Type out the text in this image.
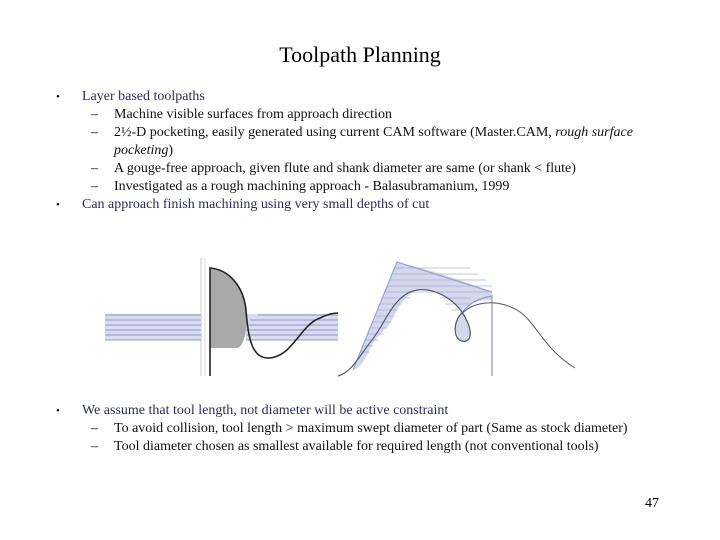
Toolpath Planning
• Layer based toolpaths
– Machine visible surfaces from approach direction
– 2½-D pocketing, easily generated using current CAM software (Master.CAM, rough surface pocketing)
– A gouge-free approach, given flute and shank diameter are same (or shank < flute)
– Investigated as a rough machining approach - Balasubramanium, 1999
• Can approach finish machining using very small depths of cut
• We assume that tool length, not diameter will be active constraint
– To avoid collision, tool length > maximum swept diameter of part (Same as stock diameter)
– Tool diameter chosen as smallest available for required length (not conventional tools)
47
